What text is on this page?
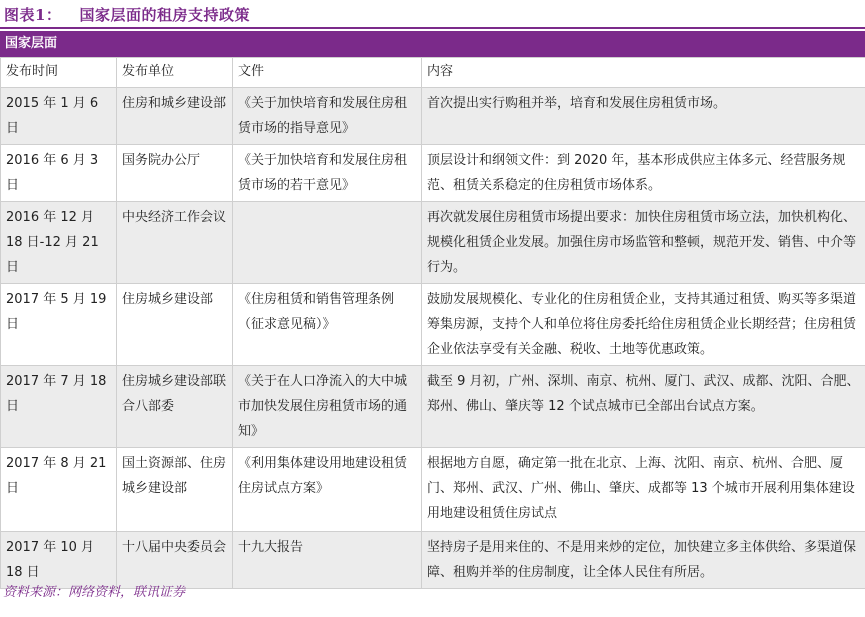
图表1： 国家层面的租房支持政策
国家层面
发布时间	发布单位	文件	内容
2015 年 1 月 6 日	住房和城乡建设部	《关于加快培育和发展住房租赁市场的指导意见》	首次提出实行购租并举，培育和发展住房租赁市场。
2016 年 6 月 3 日	国务院办公厅	《关于加快培育和发展住房租赁市场的若干意见》	顶层设计和纲领文件：到 2020 年，基本形成供应主体多元、经营服务规范、租赁关系稳定的住房租赁市场体系。
2016 年 12 月 18 日-12 月 21 日	中央经济工作会议		再次就发展住房租赁市场提出要求：加快住房租赁市场立法，加快机构化、规模化租赁企业发展。加强住房市场监管和整顿，规范开发、销售、中介等行为。
2017 年 5 月 19 日	住房城乡建设部	《住房租赁和销售管理条例（征求意见稿）》	鼓励发展规模化、专业化的住房租赁企业，支持其通过租赁、购买等多渠道筹集房源，支持个人和单位将住房委托给住房租赁企业长期经营；住房租赁企业依法享受有关金融、税收、土地等优惠政策。
2017 年 7 月 18 日	住房城乡建设部联合八部委	《关于在人口净流入的大中城市加快发展住房租赁市场的通知》	截至 9 月初，广州、深圳、南京、杭州、厦门、武汉、成都、沈阳、合肥、郑州、佛山、肇庆等 12 个试点城市已全部出台试点方案。
2017 年 8 月 21 日	国土资源部、住房城乡建设部	《利用集体建设用地建设租赁住房试点方案》	根据地方自愿，确定第一批在北京、上海、沈阳、南京、杭州、合肥、厦门、郑州、武汉、广州、佛山、肇庆、成都等 13 个城市开展利用集体建设用地建设租赁住房试点
2017 年 10 月 18 日	十八届中央委员会	十九大报告	坚持房子是用来住的、不是用来炒的定位，加快建立多主体供给、多渠道保障、租购并举的住房制度，让全体人民住有所居。
资料来源：网络资料，联讯证券
